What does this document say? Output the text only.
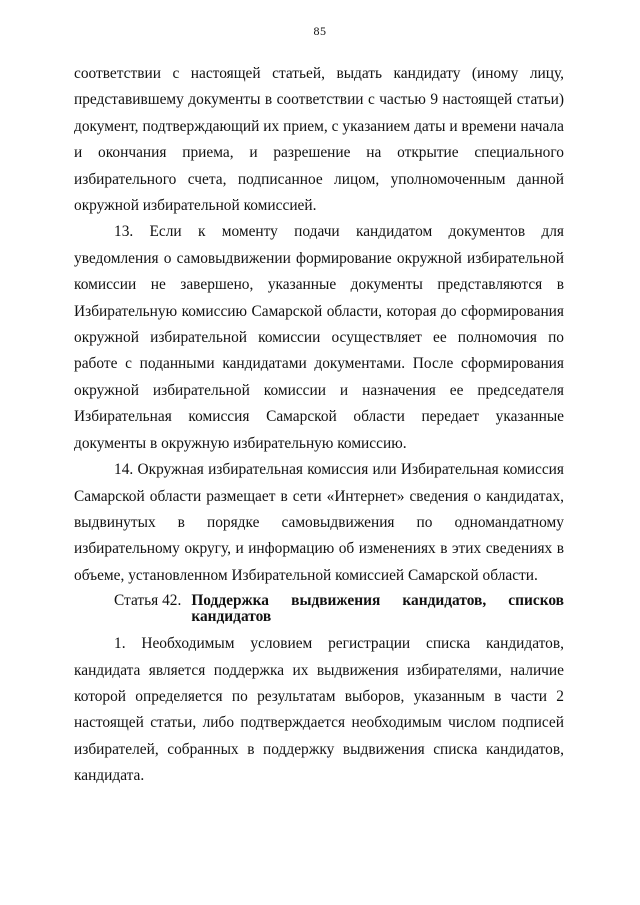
85

соответствии с настоящей статьей, выдать кандидату (иному лицу, представившему документы в соответствии с частью 9 настоящей статьи) документ, подтверждающий их прием, с указанием даты и времени начала и окончания приема, и разрешение на открытие специального избирательного счета, подписанное лицом, уполномоченным данной окружной избирательной комиссией.

13. Если к моменту подачи кандидатом документов для уведомления о самовыдвижении формирование окружной избирательной комиссии не завершено, указанные документы представляются в Избирательную комиссию Самарской области, которая до сформирования окружной избирательной комиссии осуществляет ее полномочия по работе с поданными кандидатами документами. После сформирования окружной избирательной комиссии и назначения ее председателя Избирательная комиссия Самарской области передает указанные документы в окружную избирательную комиссию.

14. Окружная избирательная комиссия или Избирательная комиссия Самарской области размещает в сети «Интернет» сведения о кандидатах, выдвинутых в порядке самовыдвижения по одномандатному избирательному округу, и информацию об изменениях в этих сведениях в объеме, установленном Избирательной комиссией Самарской области.

Статья 42. Поддержка выдвижения кандидатов, списков
кандидатов

1. Необходимым условием регистрации списка кандидатов, кандидата является поддержка их выдвижения избирателями, наличие которой определяется по результатам выборов, указанным в части 2 настоящей статьи, либо подтверждается необходимым числом подписей избирателей, собранных в поддержку выдвижения списка кандидатов, кандидата.
